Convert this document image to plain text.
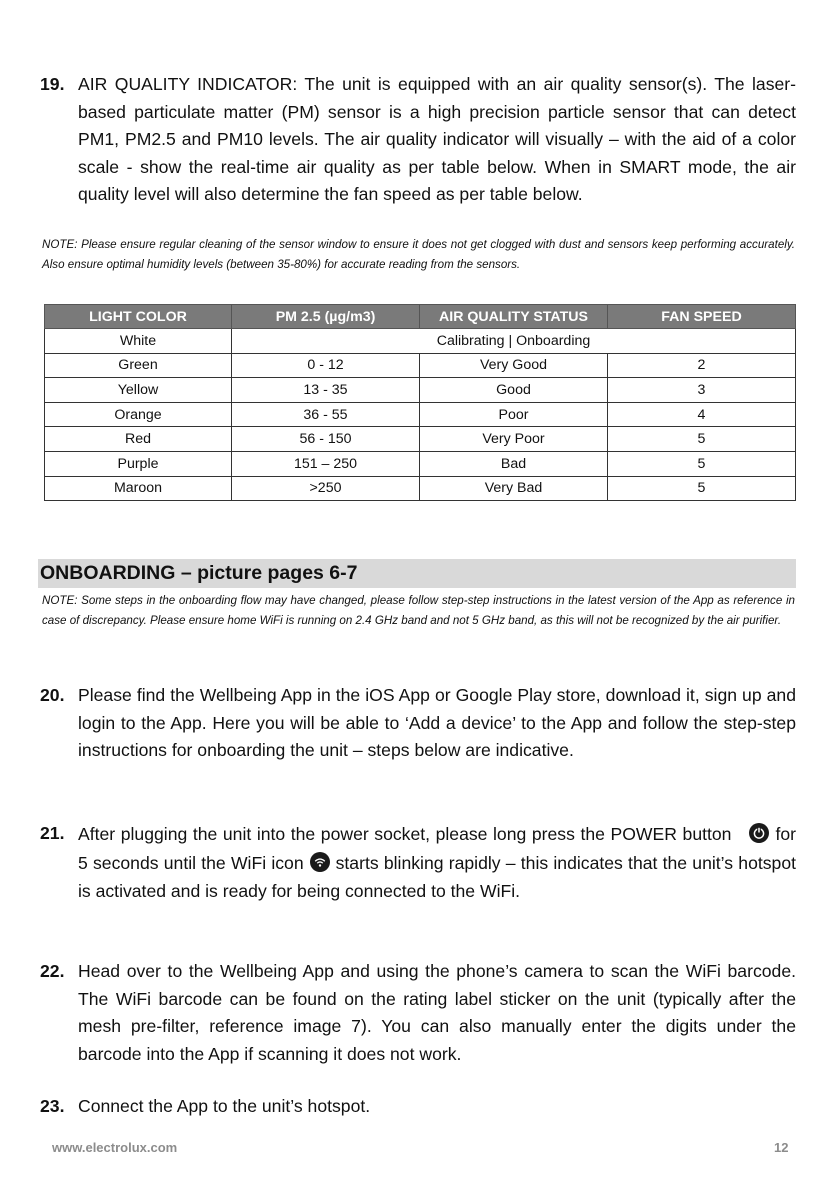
19. AIR QUALITY INDICATOR: The unit is equipped with an air quality sensor(s). The laser-based particulate matter (PM) sensor is a high precision particle sensor that can detect PM1, PM2.5 and PM10 levels. The air quality indicator will visually – with the aid of a color scale - show the real-time air quality as per table below. When in SMART mode, the air quality level will also determine the fan speed as per table below.
NOTE: Please ensure regular cleaning of the sensor window to ensure it does not get clogged with dust and sensors keep performing accurately. Also ensure optimal humidity levels (between 35-80%) for accurate reading from the sensors.
LIGHT COLOR	PM 2.5 (µg/m3)	AIR QUALITY STATUS	FAN SPEED
White	Calibrating | Onboarding		
Green	0 - 12	Very Good	2
Yellow	13 - 35	Good	3
Orange	36 - 55	Poor	4
Red	56 - 150	Very Poor	5
Purple	151 – 250	Bad	5
Maroon	>250	Very Bad	5
ONBOARDING – picture pages 6-7
NOTE: Some steps in the onboarding flow may have changed, please follow step-step instructions in the latest version of the App as reference in case of discrepancy. Please ensure home WiFi is running on 2.4 GHz band and not 5 GHz band, as this will not be recognized by the air purifier.
20. Please find the Wellbeing App in the iOS App or Google Play store, download it, sign up and login to the App. Here you will be able to ‘Add a device’ to the App and follow the step-step instructions for onboarding the unit – steps below are indicative.
21. After plugging the unit into the power socket, please long press the POWER button	for 5 seconds until the WiFi icon starts blinking rapidly – this indicates that the unit’s hotspot is activated and is ready for being connected to the WiFi.
22. Head over to the Wellbeing App and using the phone’s camera to scan the WiFi barcode. The WiFi barcode can be found on the rating label sticker on the unit (typically after the mesh pre-filter, reference image 7). You can also manually enter the digits under the barcode into the App if scanning it does not work.
23. Connect the App to the unit’s hotspot.
www.electrolux.com	12
